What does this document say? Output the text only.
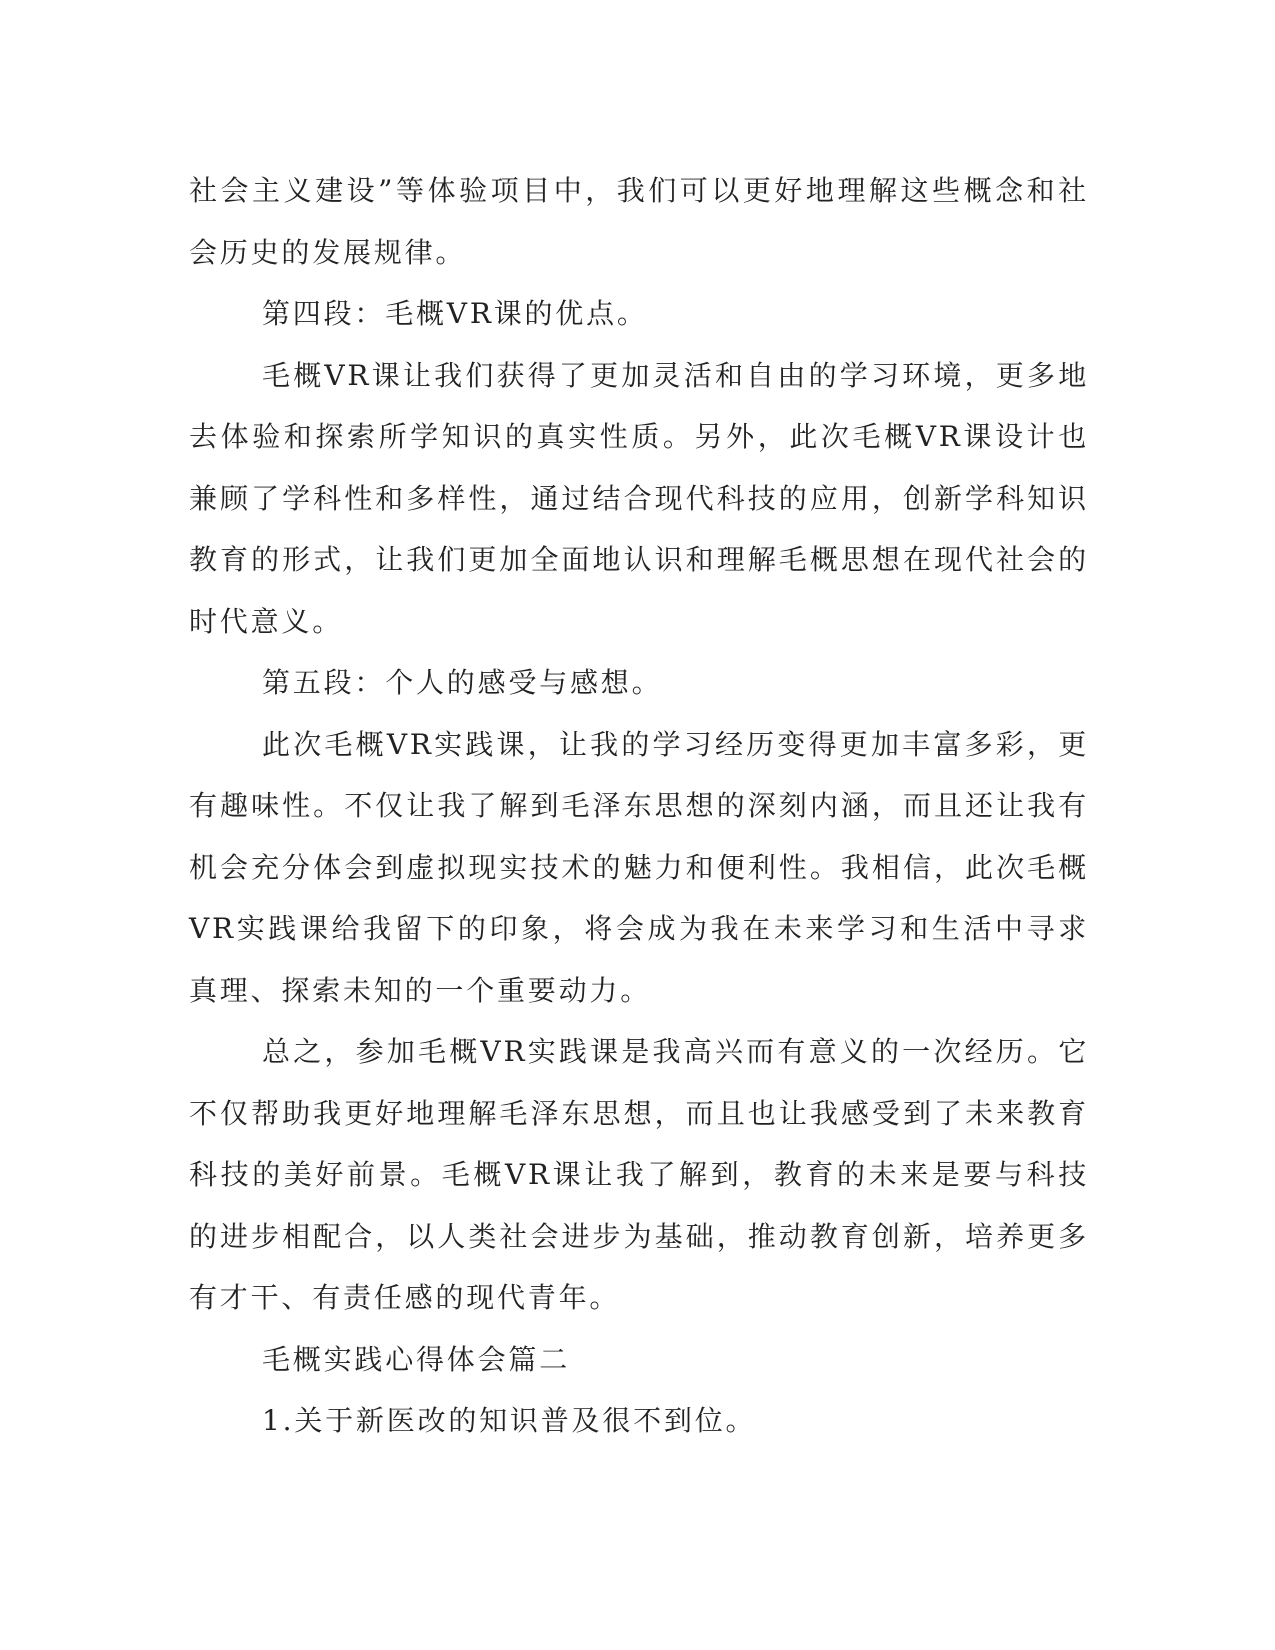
社会主义建设”等体验项目中，我们可以更好地理解这些概念和社会历史的发展规律。

第四段：毛概VR课的优点。

毛概VR课让我们获得了更加灵活和自由的学习环境，更多地去体验和探索所学知识的真实性质。另外，此次毛概VR课设计也兼顾了学科性和多样性，通过结合现代科技的应用，创新学科知识教育的形式，让我们更加全面地认识和理解毛概思想在现代社会的时代意义。

第五段：个人的感受与感想。

此次毛概VR实践课，让我的学习经历变得更加丰富多彩，更有趣味性。不仅让我了解到毛泽东思想的深刻内涵，而且还让我有机会充分体会到虚拟现实技术的魅力和便利性。我相信，此次毛概VR实践课给我留下的印象，将会成为我在未来学习和生活中寻求真理、探索未知的一个重要动力。

总之，参加毛概VR实践课是我高兴而有意义的一次经历。它不仅帮助我更好地理解毛泽东思想，而且也让我感受到了未来教育科技的美好前景。毛概VR课让我了解到，教育的未来是要与科技的进步相配合，以人类社会进步为基础，推动教育创新，培养更多有才干、有责任感的现代青年。

毛概实践心得体会篇二

1.关于新医改的知识普及很不到位。
